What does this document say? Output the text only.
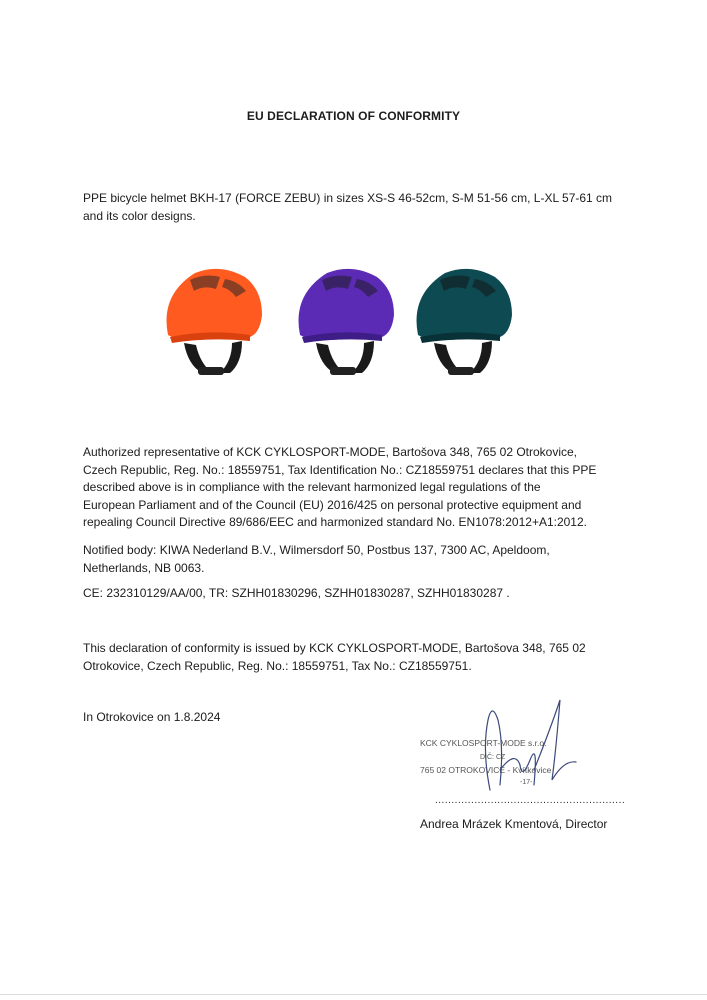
EU DECLARATION OF CONFORMITY

PPE bicycle helmet BKH-17 (FORCE ZEBU) in sizes XS-S 46-52cm, S-M 51-56 cm, L-XL 57-61 cm
and its color designs.

Authorized representative of KCK CYKLOSPORT-MODE, Bartošova 348, 765 02 Otrokovice,
Czech Republic, Reg. No.: 18559751, Tax Identification No.: CZ18559751 declares that this PPE
described above is in compliance with the relevant harmonized legal regulations of the
European Parliament and of the Council (EU) 2016/425 on personal protective equipment and
repealing Council Directive 89/686/EEC and harmonized standard No. EN1078:2012+A1:2012.

Notified body: KIWA Nederland B.V., Wilmersdorf 50, Postbus 137, 7300 AC, Apeldoom,
Netherlands, NB 0063.

CE: 232310129/AA/00, TR: SZHH01830296, SZHH01830287, SZHH01830287 .

This declaration of conformity is issued by KCK CYKLOSPORT-MODE, Bartošova 348, 765 02
Otrokovice, Czech Republic, Reg. No.: 18559751, Tax No.: CZ18559751.

In Otrokovice on 1.8.2024

KCK CYKLOSPORT-MODE s.r.o.
DIČ: CZ
765 02 OTROKOVICE - Kvítkovice
-17-
..........................................................
Andrea Mrázek Kmentová, Director
